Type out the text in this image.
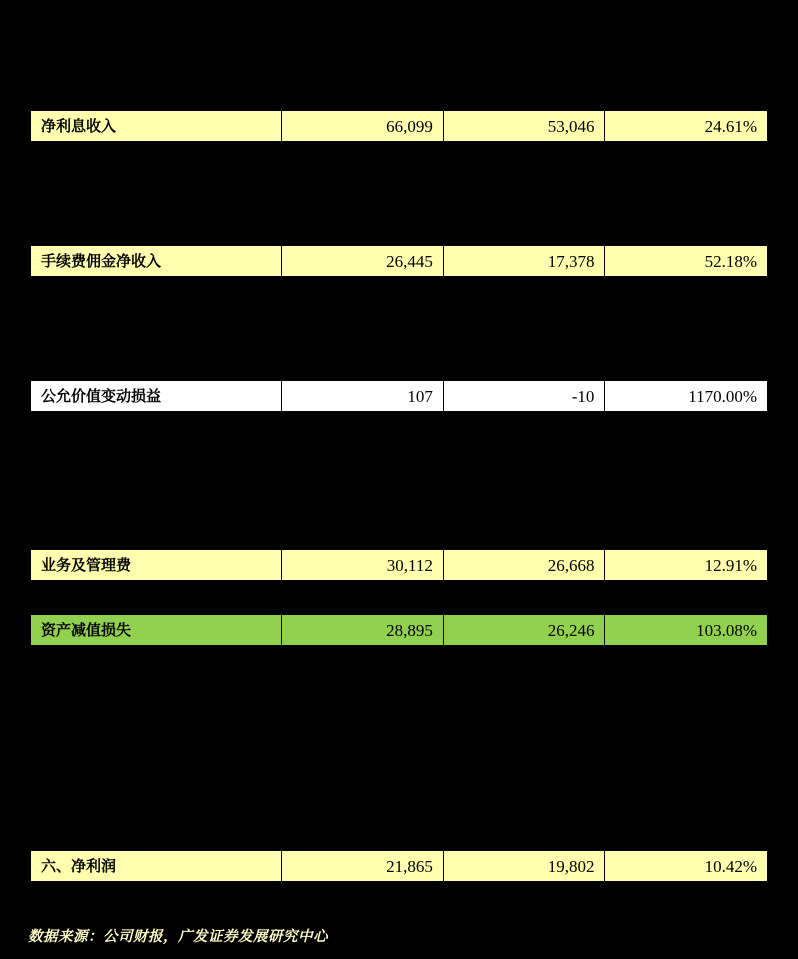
净利息收入	66,099	53,046	24.61%
手续费佣金净收入	26,445	17,378	52.18%
公允价值变动损益	107	-10	1170.00%
业务及管理费	30,112	26,668	12.91%
资产减值损失	28,895	26,246	103.08%
六、净利润	21,865	19,802	10.42%
数据来源：公司财报，广发证券发展研究中心
